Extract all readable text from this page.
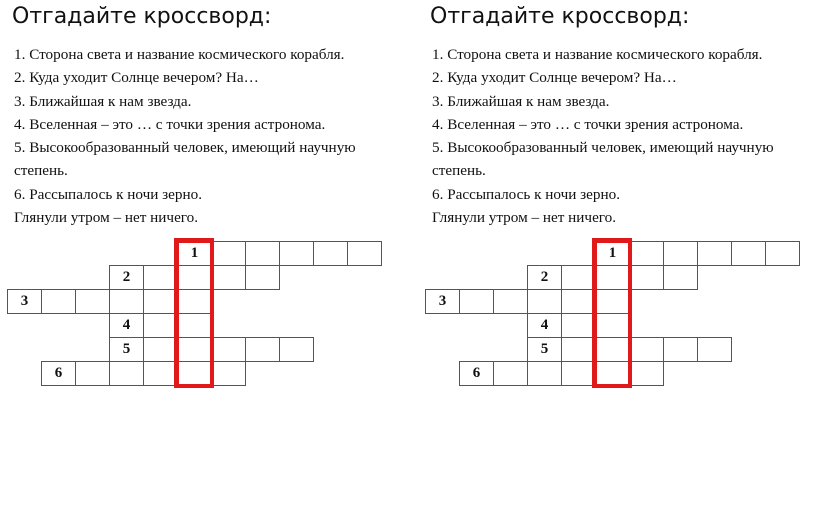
Отгадайте кроссворд:

1. Сторона света и название космического корабля.

2. Куда уходит Солнце вечером? На…

3. Ближайшая к нам звезда.

4. Вселенная – это … с точки зрения астронома.

5. Высокообразованный человек, имеющий научную степень.

6. Рассыпалось к ночи зерно.

Глянули утром – нет ничего.

1
2
3
4
5
6
Отгадайте кроссворд:

1. Сторона света и название космического корабля.

2. Куда уходит Солнце вечером? На…

3. Ближайшая к нам звезда.

4. Вселенная – это … с точки зрения астронома.

5. Высокообразованный человек, имеющий научную степень.

6. Рассыпалось к ночи зерно.

Глянули утром – нет ничего.

1
2
3
4
5
6
